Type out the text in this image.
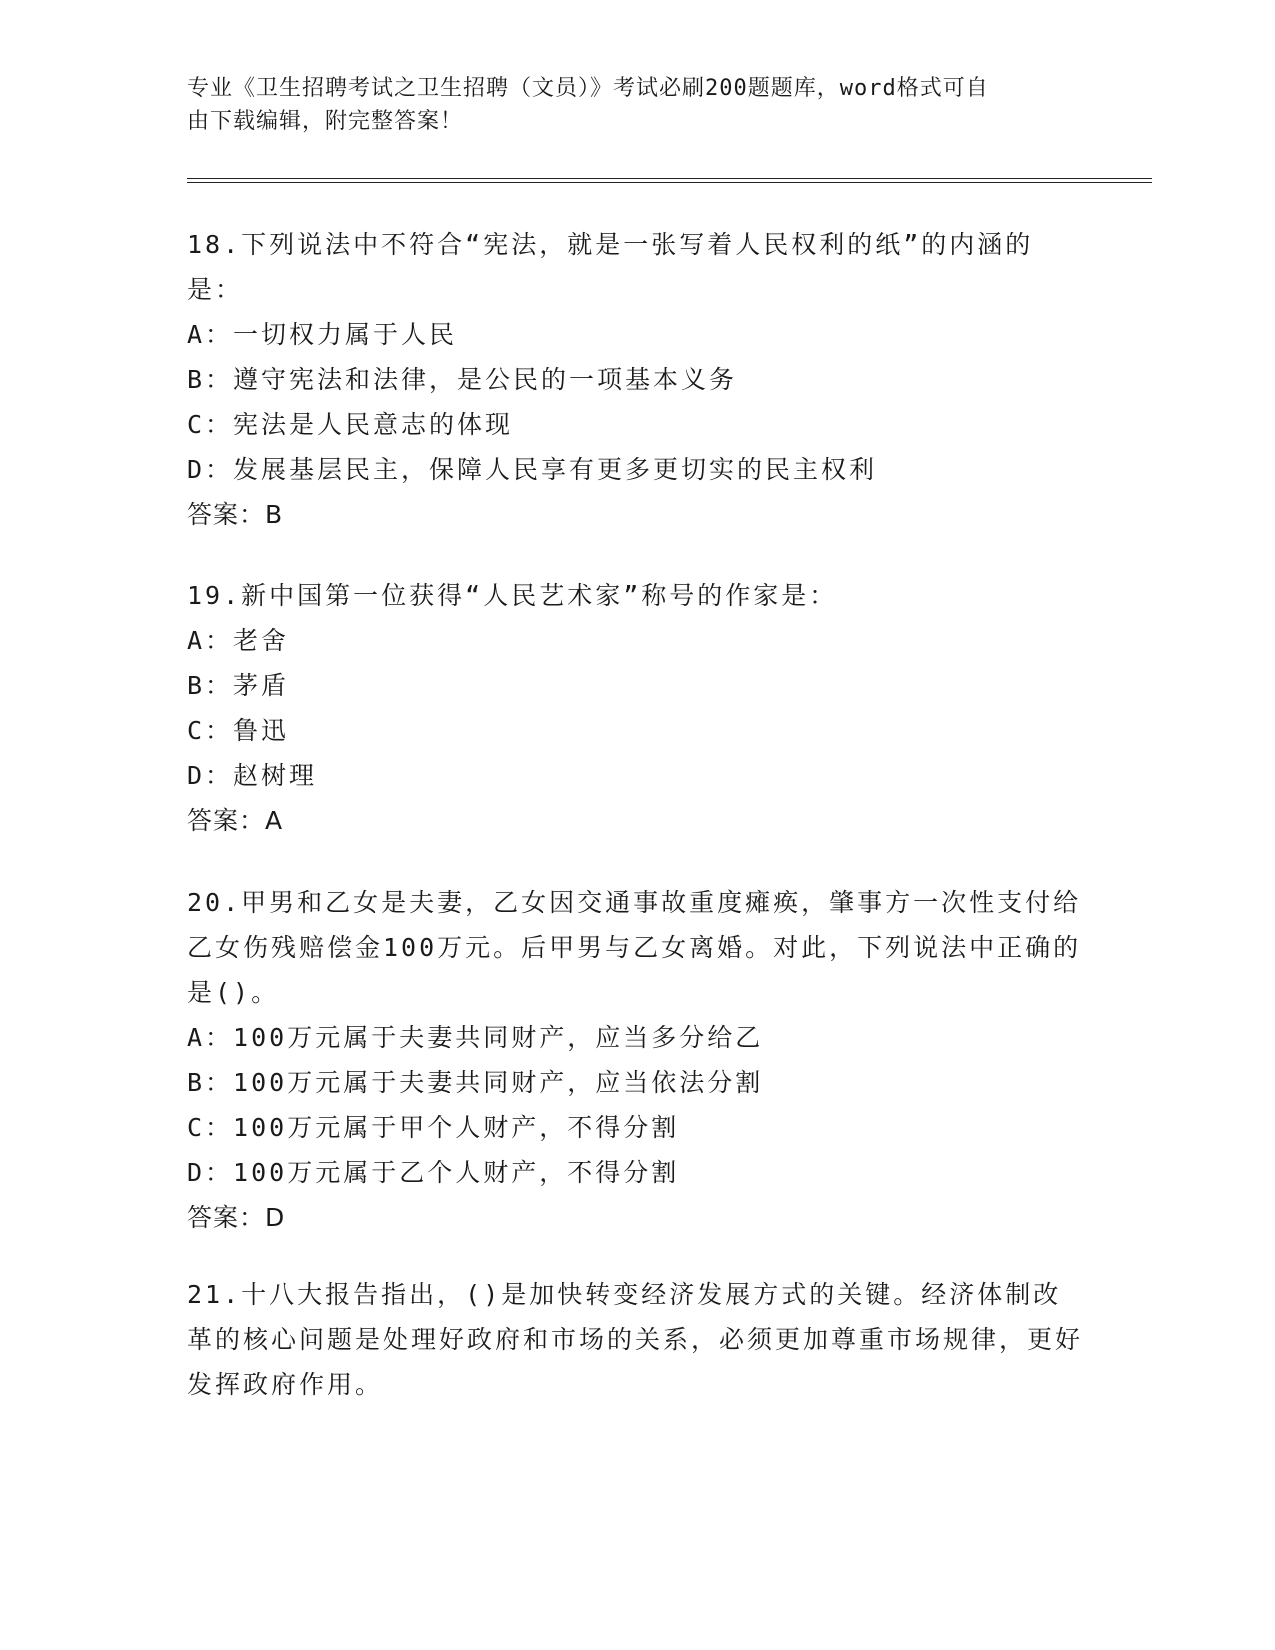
专业《卫生招聘考试之卫生招聘（文员）》考试必刷200题题库，word格式可自
由下载编辑，附完整答案！
18.下列说法中不符合“宪法，就是一张写着人民权利的纸”的内涵的是：
A：一切权力属于人民
B：遵守宪法和法律，是公民的一项基本义务
C：宪法是人民意志的体现
D：发展基层民主，保障人民享有更多更切实的民主权利
答案：B
19.新中国第一位获得“人民艺术家”称号的作家是：
A：老舍
B：茅盾
C：鲁迅
D：赵树理
答案：A
20.甲男和乙女是夫妻，乙女因交通事故重度瘫痪，肇事方一次性支付给乙女伤残赔偿金100万元。后甲男与乙女离婚。对此，下列说法中正确的是()。
A：100万元属于夫妻共同财产，应当多分给乙
B：100万元属于夫妻共同财产，应当依法分割
C：100万元属于甲个人财产，不得分割
D：100万元属于乙个人财产，不得分割
答案：D
21.十八大报告指出，()是加快转变经济发展方式的关键。经济体制改革的核心问题是处理好政府和市场的关系，必须更加尊重市场规律，更好发挥政府作用。
